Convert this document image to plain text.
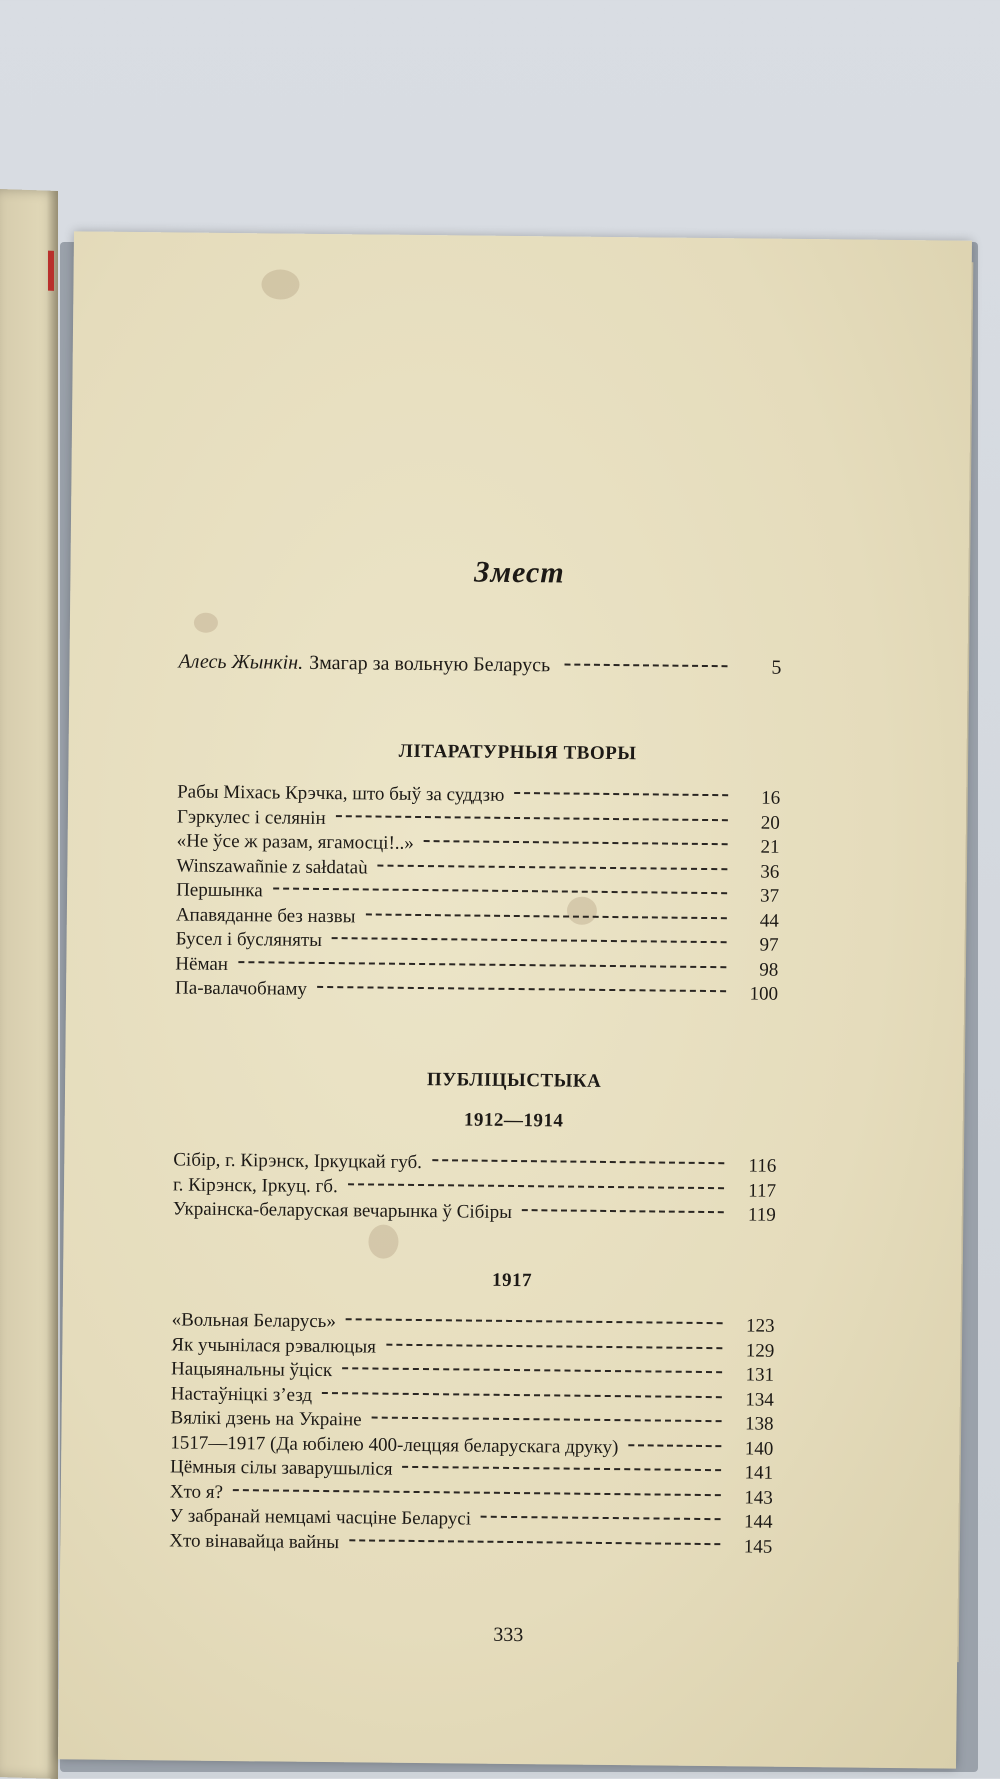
Змест
Алесь Жынкін. Змагар за вольную Беларусь	5
ЛІТАРАТУРНЫЯ ТВОРЫ
Рабы Міхась Крэчка, што быў за суддзю	16
Гэркулес і селянін	20
«Не ўсе ж разам, ягамосці!..»	21
Winszawañnie z sałdataù	36
Першынка	37
Апавяданне без назвы	44
Бусел і бусляняты	97
Нёман	98
Па-валачобнаму	100
ПУБЛІЦЫСТЫКА
1912—1914
Сібір, г. Кірэнск, Іркуцкай губ.	116
г. Кірэнск, Іркуц. гб.	117
Украінска-беларуская вечарынка ў Сібіры	119
1917
«Вольная Беларусь»	123
Як учынілася рэвалюцыя	129
Нацыянальны ўціск	131
Настаўніцкі з’езд	134
Вялікі дзень на Украіне	138
1517—1917 (Да юбілею 400-леццяя беларускага друку)	140
Цёмныя сілы заварушыліся	141
Хто я?	143
У забранай немцамі часціне Беларусі	144
Хто вінавайца вайны	145
333
